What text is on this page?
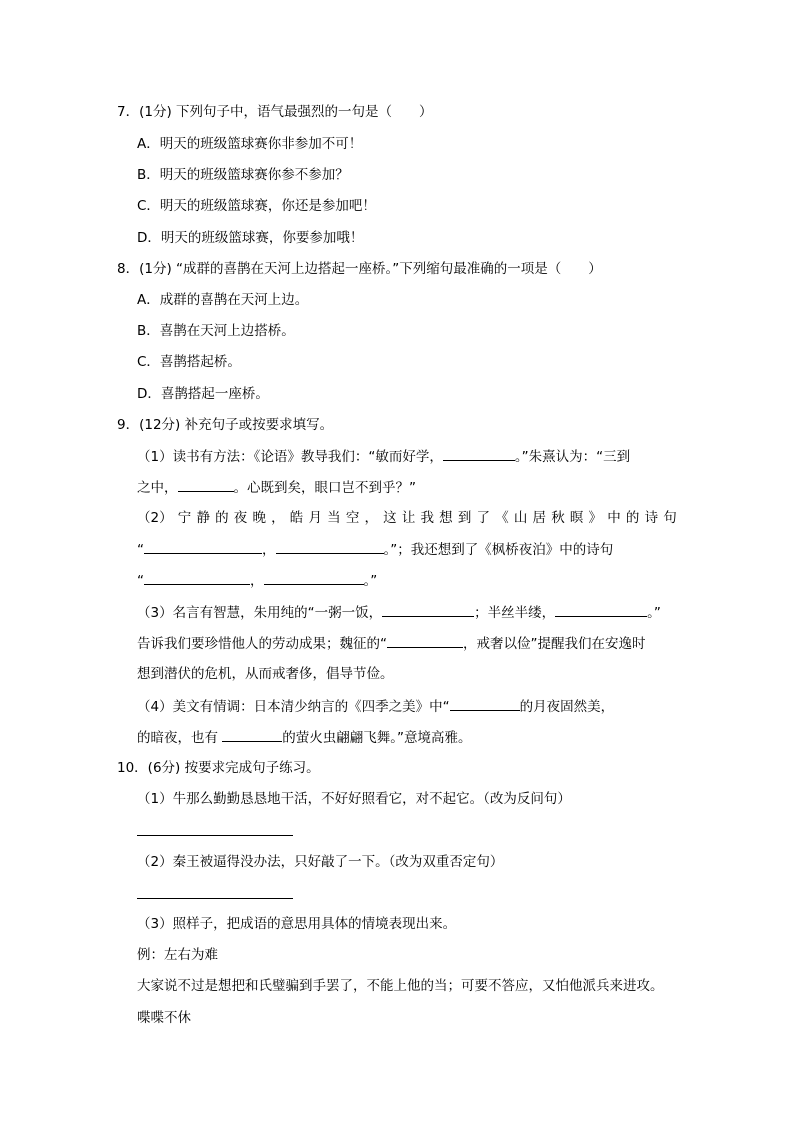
7．(1分) 下列句子中，语气最强烈的一句是（　　）
A．明天的班级篮球赛你非参加不可！
B．明天的班级篮球赛你参不参加？
C．明天的班级篮球赛，你还是参加吧！
D．明天的班级篮球赛，你要参加哦！
8．(1分) “成群的喜鹊在天河上边搭起一座桥。”下列缩句最准确的一项是（　　）
A．成群的喜鹊在天河上边。
B．喜鹊在天河上边搭桥。
C．喜鹊搭起桥。
D．喜鹊搭起一座桥。
9．(12分) 补充句子或按要求填写。
（1）读书有方法：《论语》教导我们：“敏而好学，	。”朱熹认为：“三到
之中，	。心既到矣，眼口岂不到乎？”
（2） 宁 静 的 夜 晚 ， 皓 月 当 空 ， 这 让 我 想 到 了 《 山 居 秋 暝 》 中 的 诗 句
“	，	。”；我还想到了《枫桥夜泊》中的诗句
“	，	。”
（3）名言有智慧，朱用纯的“一粥一饭，	；半丝半缕，	。”
告诉我们要珍惜他人的劳动成果；魏征的“	，戒奢以俭”提醒我们在安逸时
想到潜伏的危机，从而戒奢侈，倡导节俭。
（4）美文有情调：日本清少纳言的《四季之美》中“	的月夜固然美，
的暗夜，也有	的萤火虫翩翩飞舞。”意境高雅。
10．(6分) 按要求完成句子练习。
（1）牛那么勤勤恳恳地干活，不好好照看它，对不起它。（改为反问句）
（2）秦王被逼得没办法，只好敲了一下。（改为双重否定句）
（3）照样子，把成语的意思用具体的情境表现出来。
例：左右为难
大家说不过是想把和氏璧骗到手罢了，不能上他的当；可要不答应，又怕他派兵来进攻。
喋喋不休
